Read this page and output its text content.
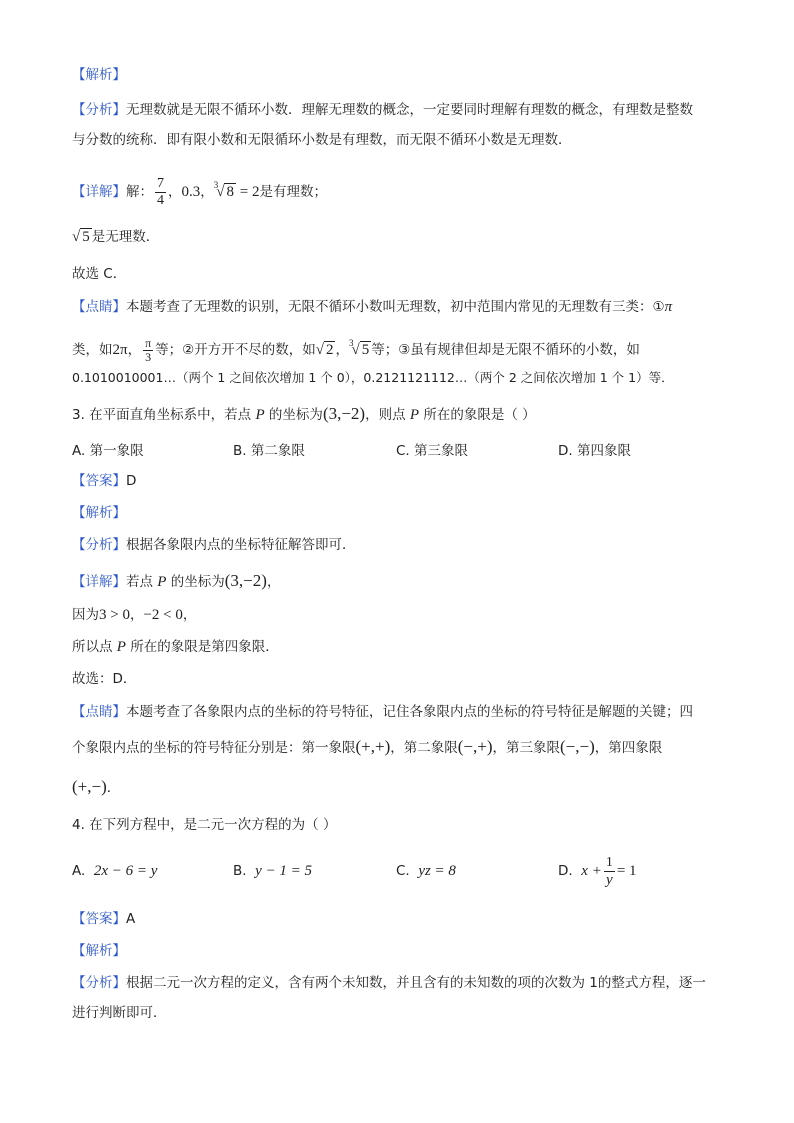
【解析】
【分析】无理数就是无限不循环小数．理解无理数的概念，一定要同时理解有理数的概念，有理数是整数
与分数的统称．即有限小数和无限循环小数是有理数，而无限不循环小数是无理数．
【详解】解： $\frac{7}{4}$ ，0.3，$^3$√ 8 = 2是有理数；
√ 5 是无理数．
故选 C．
【点睛】本题考查了无理数的识别，无限不循环小数叫无理数，初中范围内常见的无理数有三类：①π
类，如2π， $\frac{\pi}{3}$ 等；②开方开不尽的数，如√ 2 ，$^3$√ 5 等；③虽有规律但却是无限不循环的小数，如
0.1010010001…（两个 1 之间依次增加 1 个 0），0.2121121112…（两个 2 之间依次增加 1 个 1）等．
3. 在平面直角坐标系中，若点 P 的坐标为(3,−2)，则点 P 所在的象限是（ ）
A. 第一象限	B. 第二象限	C. 第三象限	D. 第四象限
【答案】D
【解析】
【分析】根据各象限内点的坐标特征解答即可．
【详解】若点 P 的坐标为(3,−2)，
因为3 > 0，−2 < 0，
所以点 P 所在的象限是第四象限．
故选：D．
【点睛】本题考查了各象限内点的坐标的符号特征，记住各象限内点的坐标的符号特征是解题的关键；四
个象限内点的坐标的符号特征分别是：第一象限(+,+)，第二象限(−,+)，第三象限(−,−)，第四象限
(+,−)．
4. 在下列方程中，是二元一次方程的为（ ）
A. 2x − 6 = y	B. y − 1 = 5	C. yz = 8	D. $x + \frac{1}{y} = 1$
【答案】A
【解析】
【分析】根据二元一次方程的定义，含有两个未知数，并且含有的未知数的项的次数为 1的整式方程，逐一
进行判断即可．
